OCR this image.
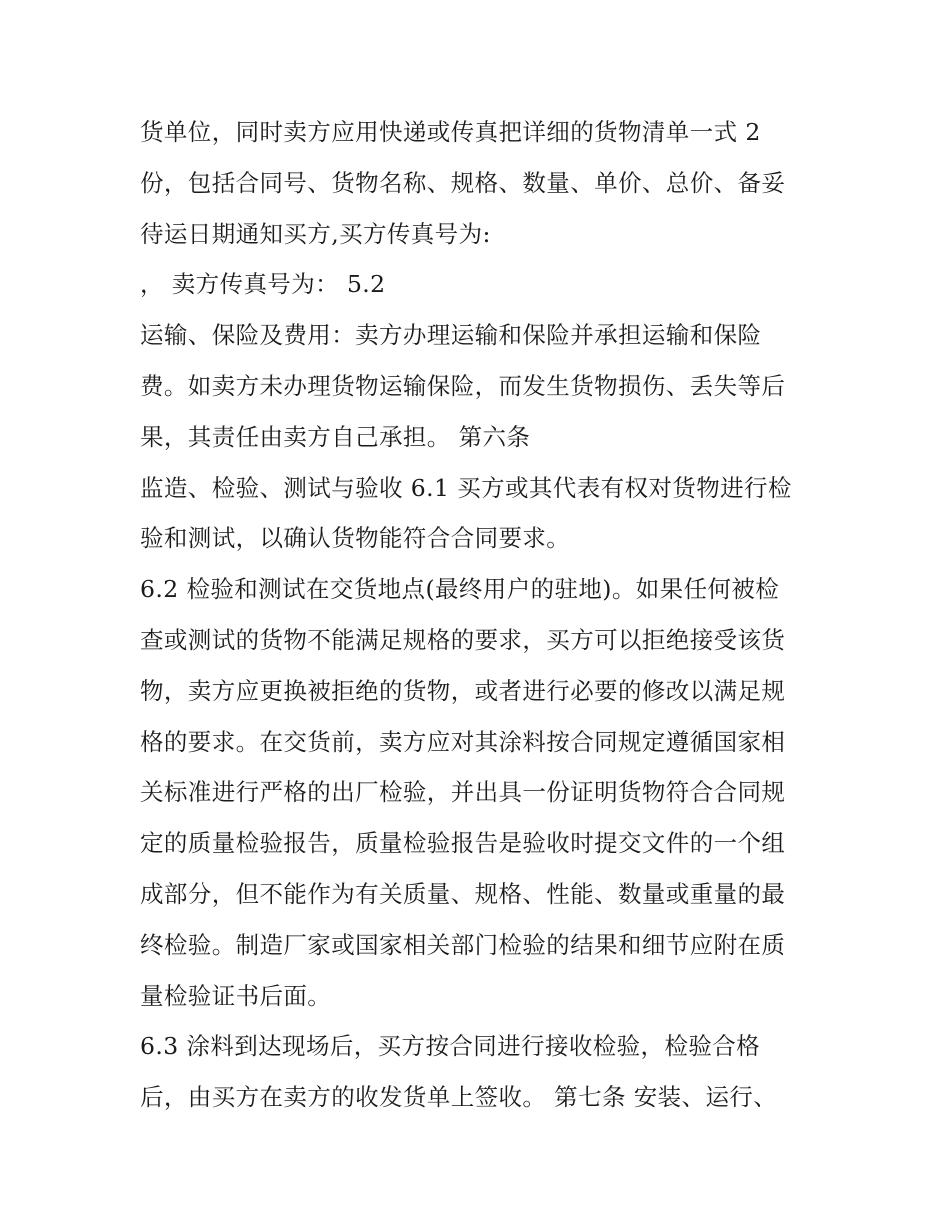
货单位，同时卖方应用快递或传真把详细的货物清单一式 2
份，包括合同号、货物名称、规格、数量、单价、总价、备妥
待运日期通知买方,买方传真号为:
， 卖方传真号为： 5.2
运输、保险及费用：卖方办理运输和保险并承担运输和保险
费。如卖方未办理货物运输保险，而发生货物损伤、丢失等后
果，其责任由卖方自己承担。 第六条
监造、检验、测试与验收 6.1 买方或其代表有权对货物进行检
验和测试，以确认货物能符合合同要求。
6.2 检验和测试在交货地点(最终用户的驻地)。如果任何被检
查或测试的货物不能满足规格的要求，买方可以拒绝接受该货
物，卖方应更换被拒绝的货物，或者进行必要的修改以满足规
格的要求。在交货前，卖方应对其涂料按合同规定遵循国家相
关标准进行严格的出厂检验，并出具一份证明货物符合合同规
定的质量检验报告，质量检验报告是验收时提交文件的一个组
成部分，但不能作为有关质量、规格、性能、数量或重量的最
终检验。制造厂家或国家相关部门检验的结果和细节应附在质
量检验证书后面。
6.3 涂料到达现场后，买方按合同进行接收检验，检验合格
后，由买方在卖方的收发货单上签收。 第七条 安装、运行、
